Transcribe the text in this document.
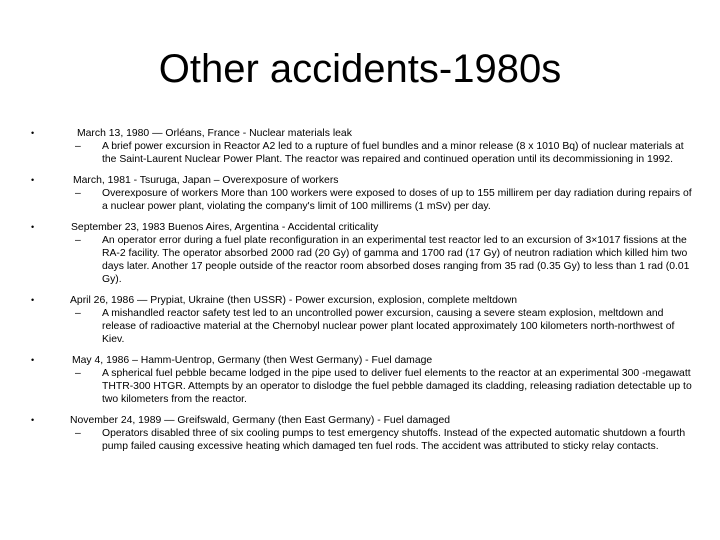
Other accidents-1980s
•	March 13, 1980 — Orléans, France - Nuclear materials leak
– A brief power excursion in Reactor A2 led to a rupture of fuel bundles and a minor release (8 x 1010 Bq) of nuclear materials at the Saint-Laurent Nuclear Power Plant. The reactor was repaired and continued operation until its decommissioning in 1992.
•	March, 1981 - Tsuruga, Japan – Overexposure of workers
– Overexposure of workers More than 100 workers were exposed to doses of up to 155 millirem per day radiation during repairs of a nuclear power plant, violating the company's limit of 100 millirems (1 mSv) per day.
•	September 23, 1983 Buenos Aires, Argentina - Accidental criticality
– An operator error during a fuel plate reconfiguration in an experimental test reactor led to an excursion of 3×1017 fissions at the RA-2 facility. The operator absorbed 2000 rad (20 Gy) of gamma and 1700 rad (17 Gy) of neutron radiation which killed him two days later. Another 17 people outside of the reactor room absorbed doses ranging from 35 rad (0.35 Gy) to less than 1 rad (0.01 Gy).
•	April 26, 1986 — Prypiat, Ukraine (then USSR) - Power excursion, explosion, complete meltdown
– A mishandled reactor safety test led to an uncontrolled power excursion, causing a severe steam explosion, meltdown and release of radioactive material at the Chernobyl nuclear power plant located approximately 100 kilometers north-northwest of Kiev.
•	May 4, 1986 – Hamm-Uentrop, Germany (then West Germany) - Fuel damage
– A spherical fuel pebble became lodged in the pipe used to deliver fuel elements to the reactor at an experimental 300 -megawatt THTR-300 HTGR. Attempts by an operator to dislodge the fuel pebble damaged its cladding, releasing radiation detectable up to two kilometers from the reactor.
•	November 24, 1989 — Greifswald, Germany (then East Germany) - Fuel damaged
– Operators disabled three of six cooling pumps to test emergency shutoffs. Instead of the expected automatic shutdown a fourth pump failed causing excessive heating which damaged ten fuel rods. The accident was attributed to sticky relay contacts.
